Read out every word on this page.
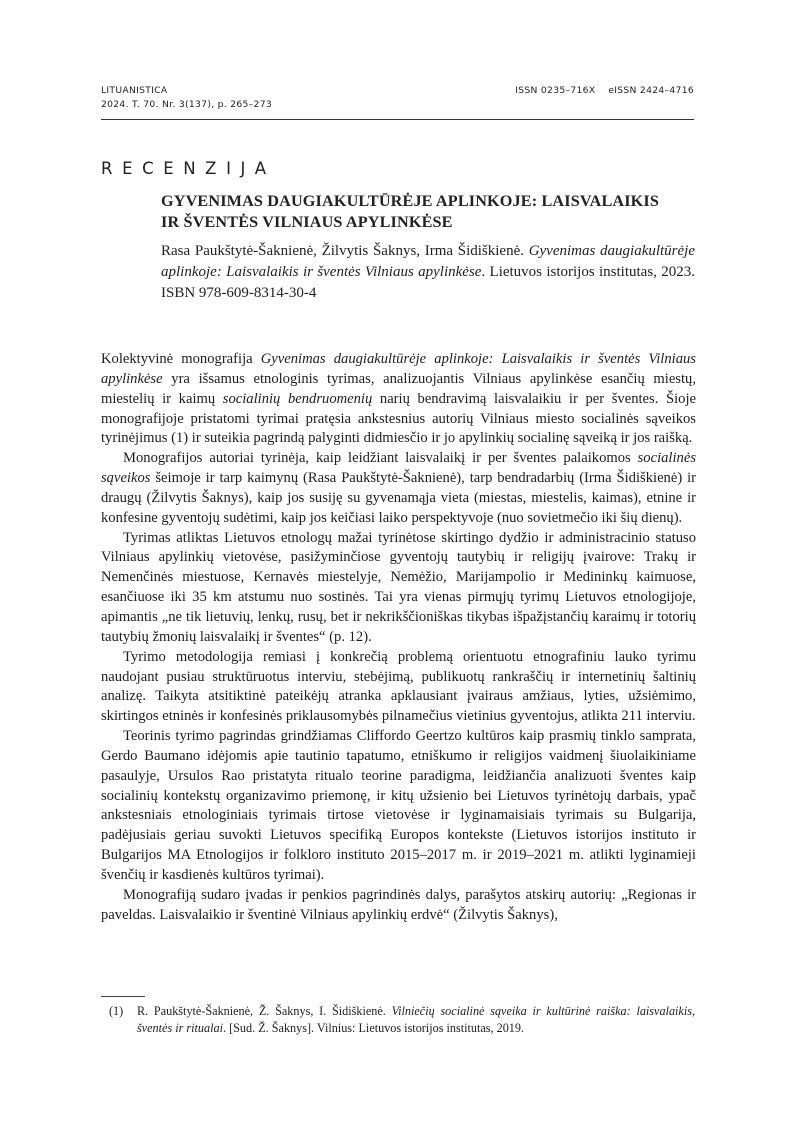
LITUANISTICA
2024. T. 70. Nr. 3(137), p. 265–273
ISSN 0235–716X eISSN 2424–4716
RECENZIJA
GYVENIMAS DAUGIAKULTŪRĖJE APLINKOJE: LAISVALAIKIS
IR ŠVENTĖS VILNIAUS APYLINKĖSE
Rasa Paukštytė-Šaknienė, Žilvytis Šaknys, Irma Šidiškienė. Gyvenimas daugiakultūrėje aplinkoje: Laisvalaikis ir šventės Vilniaus apylinkėse. Lietuvos istorijos institutas, 2023. ISBN 978-609-8314-30-4

Kolektyvinė monografija Gyvenimas daugiakultūrėje aplinkoje: Laisvalaikis ir šventės Vilniaus apylinkėse yra išsamus etnologinis tyrimas, analizuojantis Vilniaus apylinkėse esančių miestų, miestelių ir kaimų socialinių bendruomenių narių bendravimą laisvalaikiu ir per šventes. Šioje monografijoje pristatomi tyrimai pratęsia ankstesnius autorių Vilniaus miesto socialinės sąveikos tyrinėjimus (1) ir suteikia pagrindą palyginti didmiesčio ir jo apylinkių socialinę sąveiką ir jos raišką.

Monografijos autoriai tyrinėja, kaip leidžiant laisvalaikį ir per šventes palaikomos socialinės sąveikos šeimoje ir tarp kaimynų (Rasa Paukštytė-Šaknienė), tarp bendradarbių (Irma Šidiškienė) ir draugų (Žilvytis Šaknys), kaip jos susiję su gyvenamąja vieta (miestas, miestelis, kaimas), etnine ir konfesine gyventojų sudėtimi, kaip jos keičiasi laiko perspektyvoje (nuo sovietmečio iki šių dienų).

Tyrimas atliktas Lietuvos etnologų mažai tyrinėtose skirtingo dydžio ir administracinio statuso Vilniaus apylinkių vietovėse, pasižyminčiose gyventojų tautybių ir religijų įvairove: Trakų ir Nemenčinės miestuose, Kernavės miestelyje, Nemėžio, Marijampolio ir Medininkų kaimuose, esančiuose iki 35 km atstumu nuo sostinės. Tai yra vienas pirmųjų tyrimų Lietuvos etnologijoje, apimantis „ne tik lietuvių, lenkų, rusų, bet ir nekrikščioniškas tikybas išpažįstančių karaimų ir totorių tautybių žmonių laisvalaikį ir šventes“ (p. 12).

Tyrimo metodologija remiasi į konkrečią problemą orientuotu etnografiniu lauko tyrimu naudojant pusiau struktūruotus interviu, stebėjimą, publikuotų rankraščių ir internetinių šaltinių analizę. Taikyta atsitiktinė pateikėjų atranka apklausiant įvairaus amžiaus, lyties, užsiėmimo, skirtingos etninės ir konfesinės priklausomybės pilnamečius vietinius gyventojus, atlikta 211 interviu.

Teorinis tyrimo pagrindas grindžiamas Cliffordo Geertzo kultūros kaip prasmių tinklo samprata, Gerdo Baumano idėjomis apie tautinio tapatumo, etniškumo ir religijos vaidmenį šiuolaikiniame pasaulyje, Ursulos Rao pristatyta ritualo teorine paradigma, leidžiančia analizuoti šventes kaip socialinių kontekstų organizavimo priemonę, ir kitų užsienio bei Lietuvos tyrinėtojų darbais, ypač ankstesniais etnologiniais tyrimais tirtose vietovėse ir lyginamaisiais tyrimais su Bulgarija, padėjusiais geriau suvokti Lietuvos specifiką Europos kontekste (Lietuvos istorijos instituto ir Bulgarijos MA Etnologijos ir folkloro instituto 2015–2017 m. ir 2019–2021 m. atlikti lyginamieji švenčių ir kasdienės kultūros tyrimai).

Monografiją sudaro įvadas ir penkios pagrindinės dalys, parašytos atskirų autorių: „Regionas ir paveldas. Laisvalaikio ir šventinė Vilniaus apylinkių erdvė“ (Žilvytis Šaknys),

(1) R. Paukštytė-Šaknienė, Ž. Šaknys, I. Šidiškienė. Vilniečių socialinė sąveika ir kultūrinė raiška: laisvalaikis, šventės ir ritualai. [Sud. Ž. Šaknys]. Vilnius: Lietuvos istorijos institutas, 2019.
